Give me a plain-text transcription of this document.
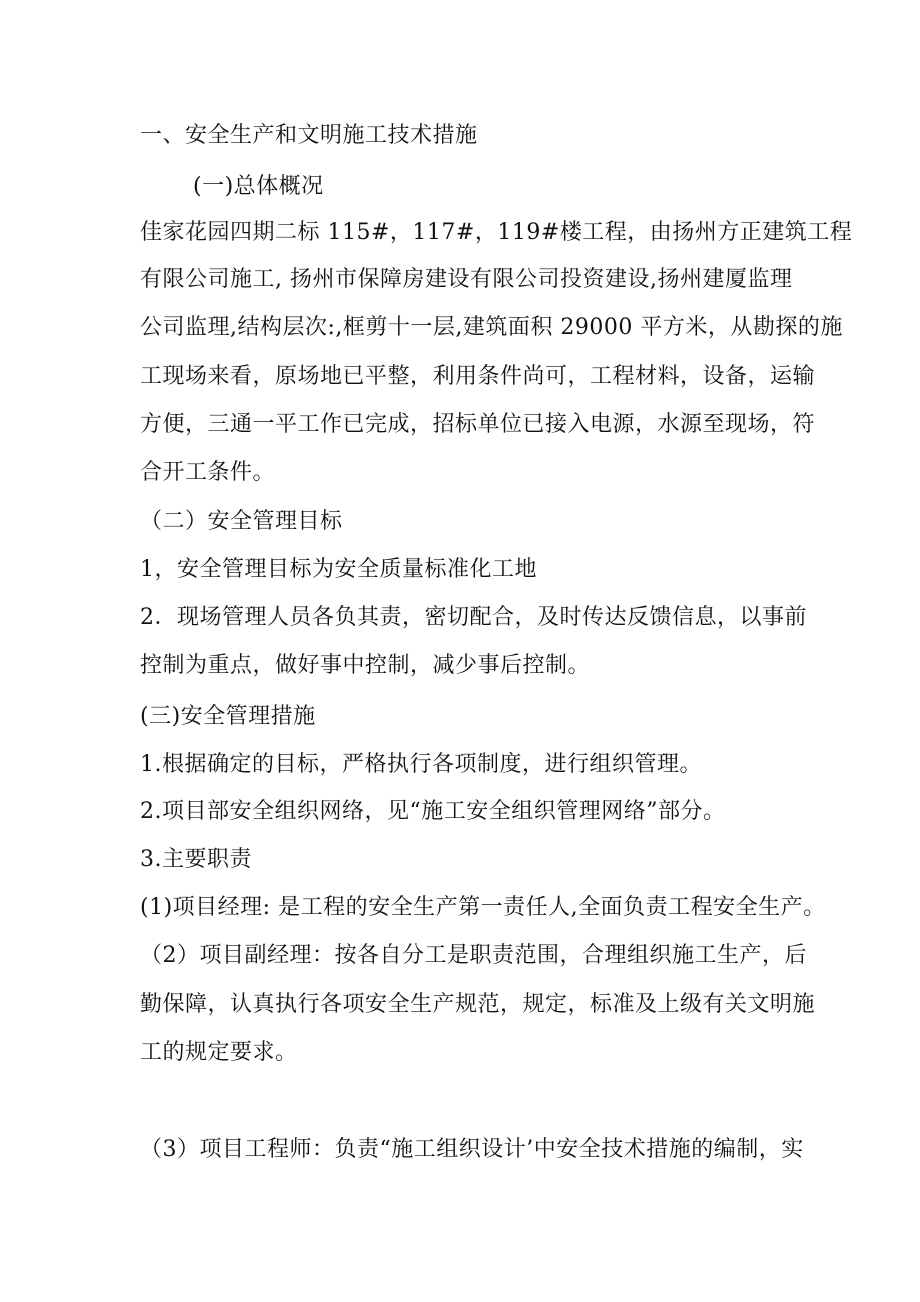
一、安全生产和文明施工技术措施
(一)总体概况
佳家花园四期二标 115#，117#，119#楼工程，由扬州方正建筑工程
有限公司施工, 扬州市保障房建设有限公司投资建设,扬州建厦监理
公司监理,结构层次:,框剪十一层,建筑面积 29000 平方米，从勘探的施
工现场来看，原场地已平整，利用条件尚可，工程材料，设备，运输
方便，三通一平工作已完成，招标单位已接入电源，水源至现场，符
合开工条件。
（二）安全管理目标
1，安全管理目标为安全质量标准化工地
2．现场管理人员各负其责，密切配合，及时传达反馈信息，以事前
控制为重点，做好事中控制，减少事后控制。
(三)安全管理措施
1.根据确定的目标，严格执行各项制度，进行组织管理。
2.项目部安全组织网络，见“施工安全组织管理网络”部分。
3.主要职责
(1)项目经理: 是工程的安全生产第一责任人,全面负责工程安全生产。
（2）项目副经理：按各自分工是职责范围，合理组织施工生产，后
勤保障，认真执行各项安全生产规范，规定，标准及上级有关文明施
工的规定要求。
（3）项目工程师：负责“施工组织设计’中安全技术措施的编制，实
